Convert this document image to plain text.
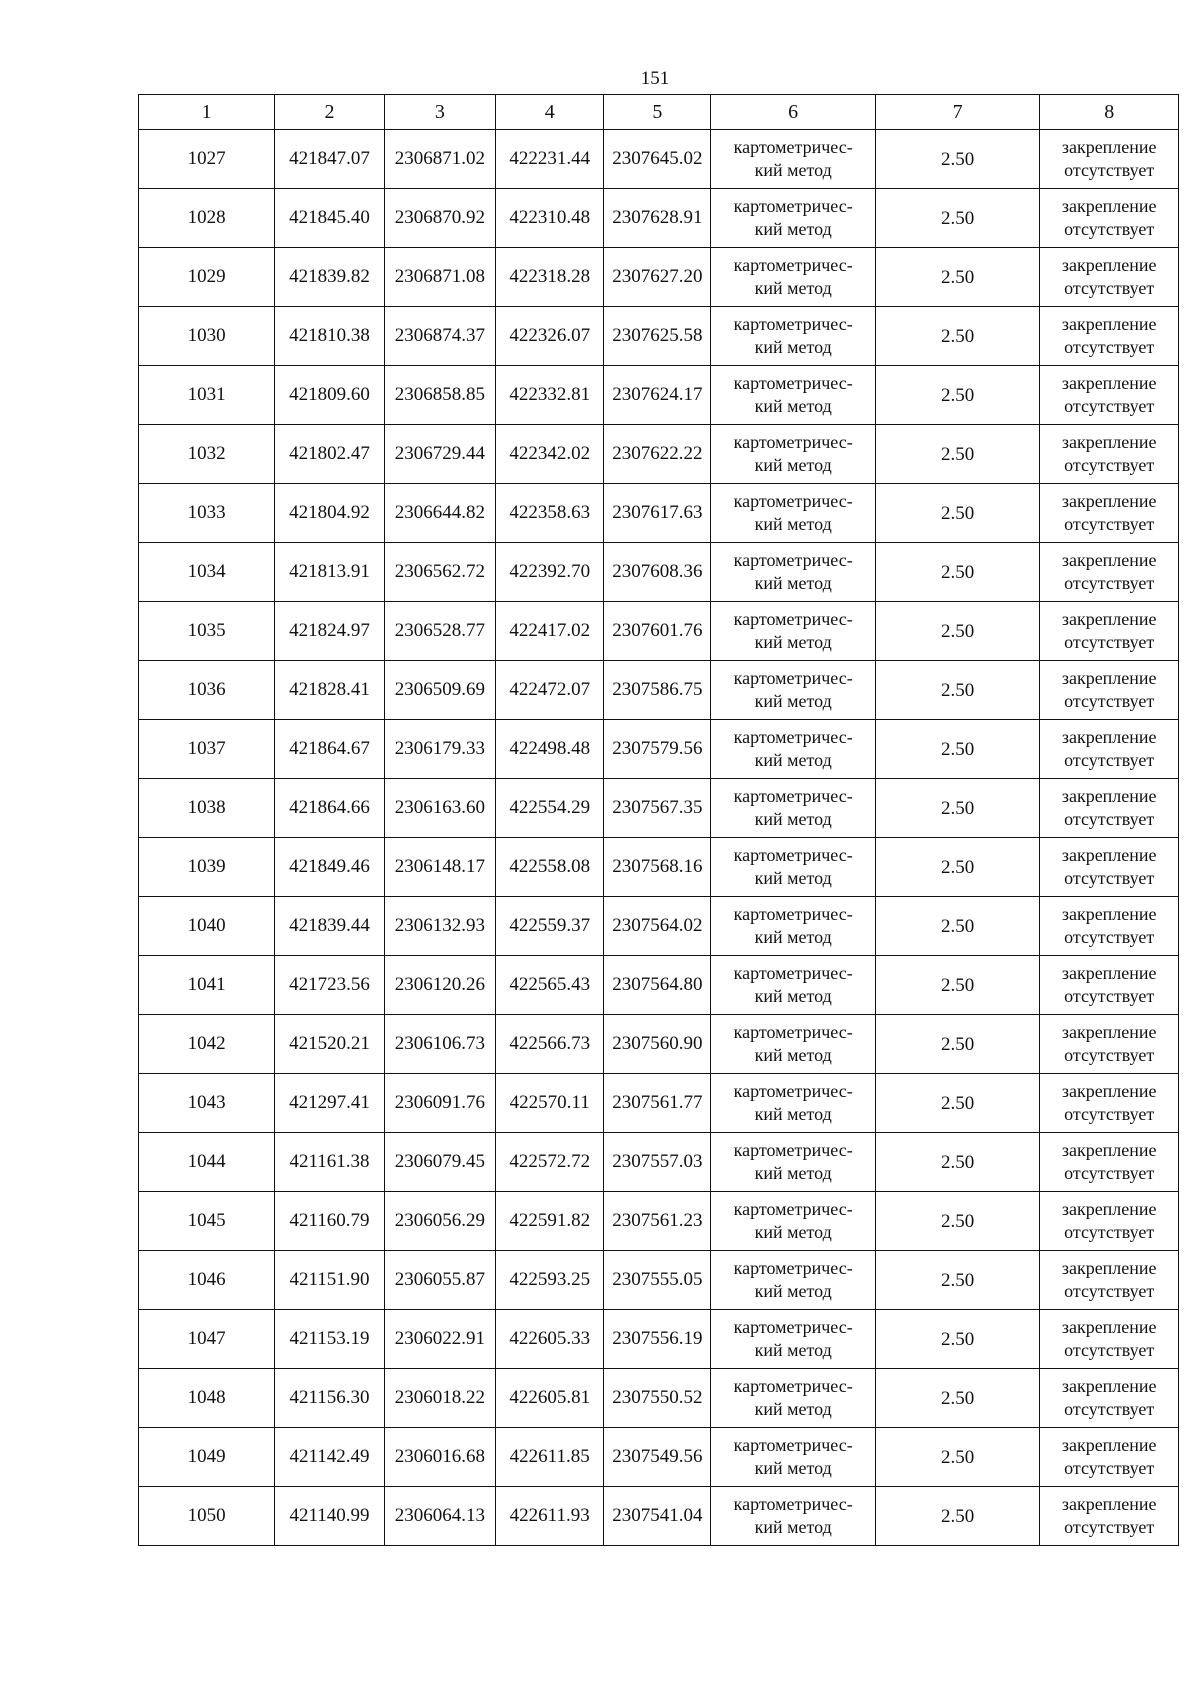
151
1	2	3	4	5	6	7	8
1027	421847.07	2306871.02	422231.44	2307645.02	картометричес-
кий метод	2.50	закрепление
отсутствует

1028	421845.40	2306870.92	422310.48	2307628.91	картометричес-
кий метод	2.50	закрепление
отсутствует

1029	421839.82	2306871.08	422318.28	2307627.20	картометричес-
кий метод	2.50	закрепление
отсутствует

1030	421810.38	2306874.37	422326.07	2307625.58	картометричес-
кий метод	2.50	закрепление
отсутствует

1031	421809.60	2306858.85	422332.81	2307624.17	картометричес-
кий метод	2.50	закрепление
отсутствует

1032	421802.47	2306729.44	422342.02	2307622.22	картометричес-
кий метод	2.50	закрепление
отсутствует

1033	421804.92	2306644.82	422358.63	2307617.63	картометричес-
кий метод	2.50	закрепление
отсутствует

1034	421813.91	2306562.72	422392.70	2307608.36	картометричес-
кий метод	2.50	закрепление
отсутствует

1035	421824.97	2306528.77	422417.02	2307601.76	картометричес-
кий метод	2.50	закрепление
отсутствует

1036	421828.41	2306509.69	422472.07	2307586.75	картометричес-
кий метод	2.50	закрепление
отсутствует

1037	421864.67	2306179.33	422498.48	2307579.56	картометричес-
кий метод	2.50	закрепление
отсутствует

1038	421864.66	2306163.60	422554.29	2307567.35	картометричес-
кий метод	2.50	закрепление
отсутствует

1039	421849.46	2306148.17	422558.08	2307568.16	картометричес-
кий метод	2.50	закрепление
отсутствует

1040	421839.44	2306132.93	422559.37	2307564.02	картометричес-
кий метод	2.50	закрепление
отсутствует

1041	421723.56	2306120.26	422565.43	2307564.80	картометричес-
кий метод	2.50	закрепление
отсутствует

1042	421520.21	2306106.73	422566.73	2307560.90	картометричес-
кий метод	2.50	закрепление
отсутствует

1043	421297.41	2306091.76	422570.11	2307561.77	картометричес-
кий метод	2.50	закрепление
отсутствует

1044	421161.38	2306079.45	422572.72	2307557.03	картометричес-
кий метод	2.50	закрепление
отсутствует

1045	421160.79	2306056.29	422591.82	2307561.23	картометричес-
кий метод	2.50	закрепление
отсутствует

1046	421151.90	2306055.87	422593.25	2307555.05	картометричес-
кий метод	2.50	закрепление
отсутствует

1047	421153.19	2306022.91	422605.33	2307556.19	картометричес-
кий метод	2.50	закрепление
отсутствует

1048	421156.30	2306018.22	422605.81	2307550.52	картометричес-
кий метод	2.50	закрепление
отсутствует

1049	421142.49	2306016.68	422611.85	2307549.56	картометричес-
кий метод	2.50	закрепление
отсутствует

1050	421140.99	2306064.13	422611.93	2307541.04	картометричес-
кий метод	2.50	закрепление
отсутствует
